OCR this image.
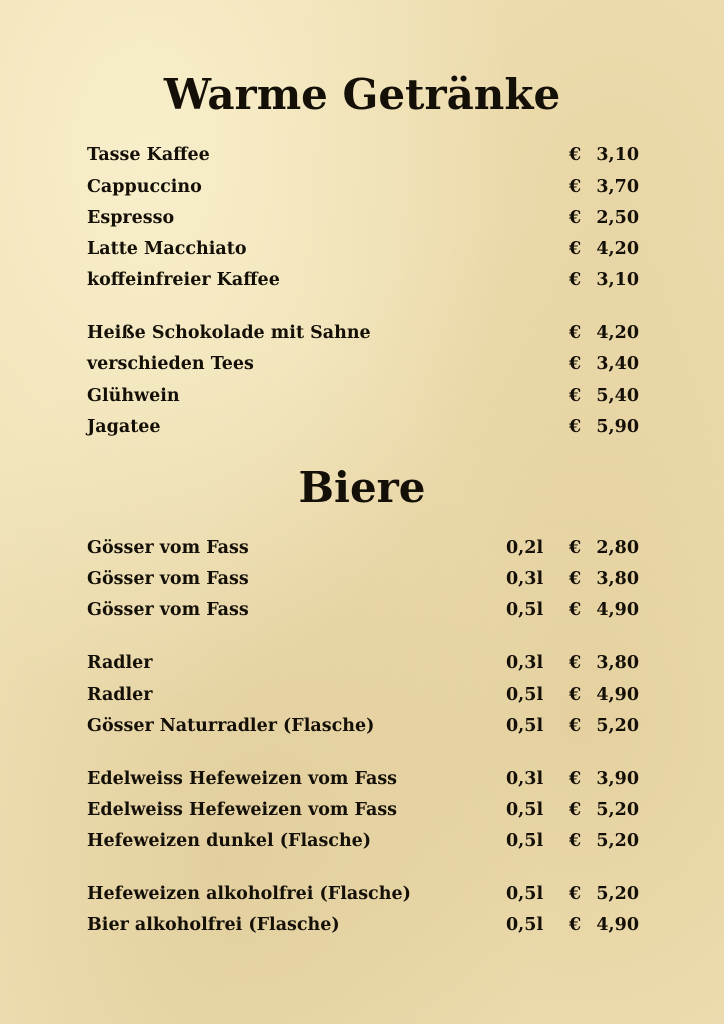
Warme Getränke
Tasse Kaffee	€ 3,10
Cappuccino	€ 3,70
Espresso	€ 2,50
Latte Macchiato	€ 4,20
koffeinfreier Kaffee	€ 3,10
Heiße Schokolade mit Sahne	€ 4,20
verschieden Tees	€ 3,40
Glühwein	€ 5,40
Jagatee	€ 5,90
Biere
Gösser vom Fass	0,2l € 2,80
Gösser vom Fass	0,3l € 3,80
Gösser vom Fass	0,5l € 4,90
Radler	0,3l € 3,80
Radler	0,5l € 4,90
Gösser Naturradler (Flasche)	0,5l € 5,20
Edelweiss Hefeweizen vom Fass	0,3l € 3,90
Edelweiss Hefeweizen vom Fass	0,5l € 5,20
Hefeweizen dunkel (Flasche)	0,5l € 5,20
Hefeweizen alkoholfrei (Flasche)	0,5l € 5,20
Bier alkoholfrei (Flasche)	0,5l € 4,90
